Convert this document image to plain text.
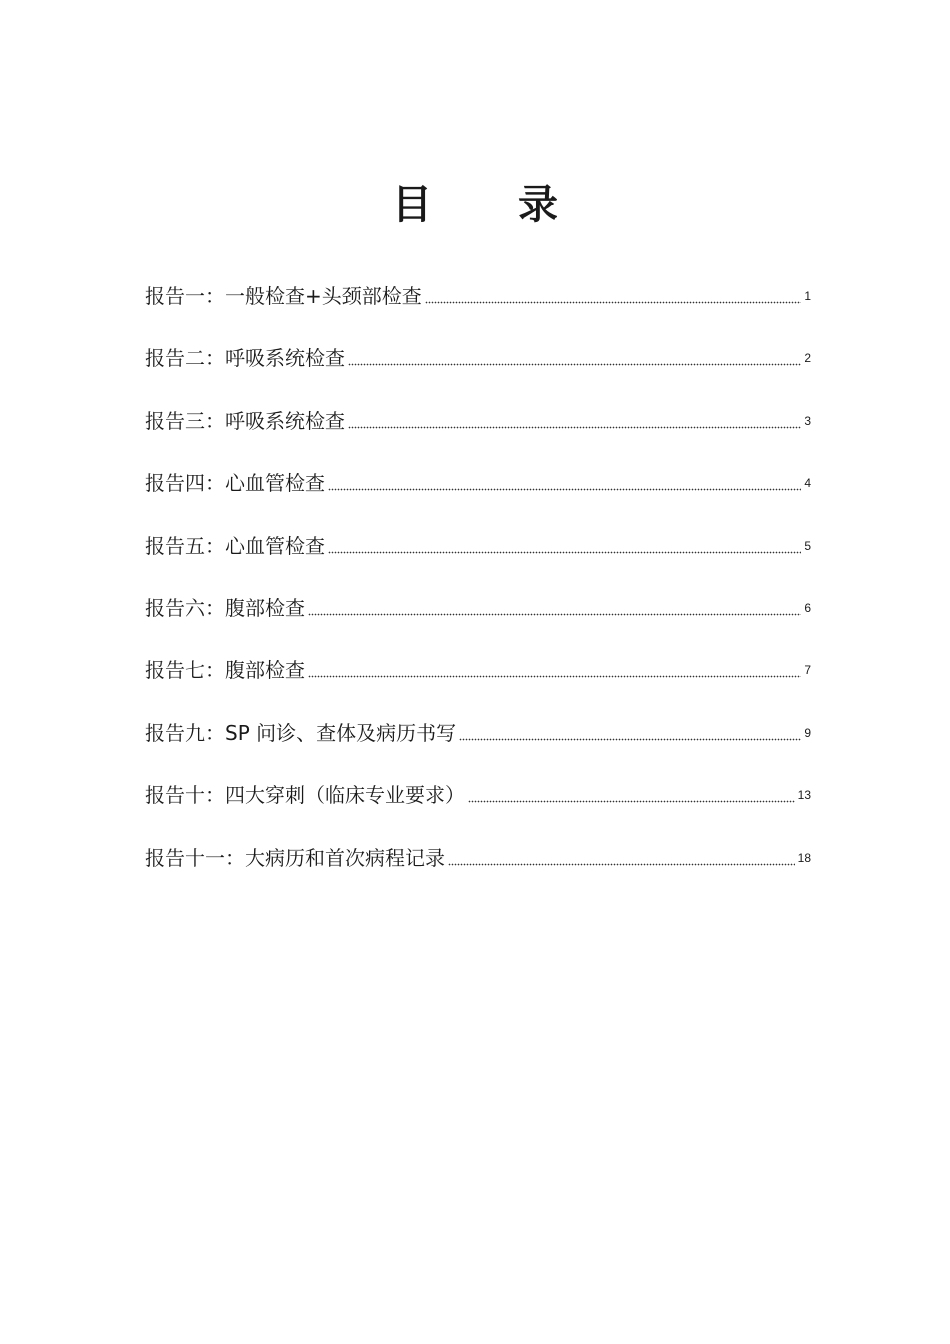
目 录
报告一：一般检查+头颈部检查	1
报告二：呼吸系统检查	2
报告三：呼吸系统检查	3
报告四：心血管检查	4
报告五：心血管检查	5
报告六：腹部检查	6
报告七：腹部检查	7
报告九：SP 问诊、查体及病历书写	9
报告十：四大穿刺（临床专业要求）	13
报告十一：大病历和首次病程记录	18
